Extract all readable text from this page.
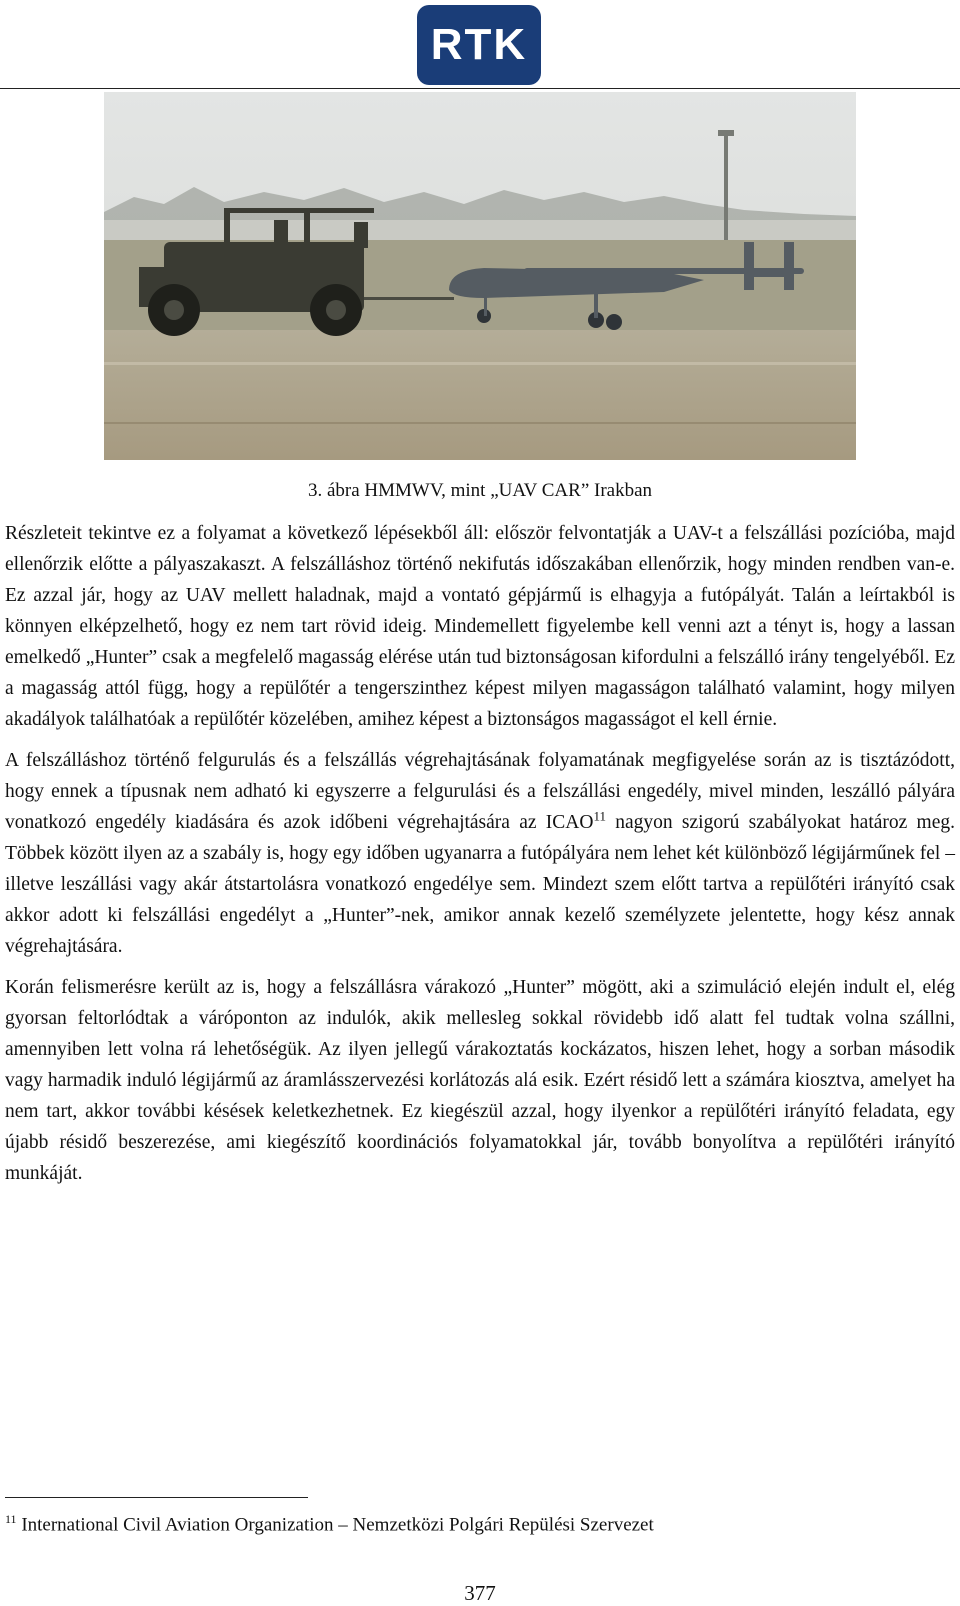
RTK
3. ábra HMMWV, mint „UAV CAR” Irakban

Részleteit tekintve ez a folyamat a következő lépésekből áll: először felvontatják a UAV-t a felszállási pozícióba, majd ellenőrzik előtte a pályaszakaszt. A felszálláshoz történő nekifutás időszakában ellenőrzik, hogy minden rendben van-e. Ez azzal jár, hogy az UAV mellett haladnak, majd a vontató gépjármű is elhagyja a futópályát. Talán a leírtakból is könnyen elképzelhető, hogy ez nem tart rövid ideig. Mindemellett figyelembe kell venni azt a tényt is, hogy a lassan emelkedő „Hunter” csak a megfelelő magasság elérése után tud biztonságosan kifordulni a felszálló irány tengelyéből. Ez a magasság attól függ, hogy a repülőtér a tengerszinthez képest milyen magasságon található valamint, hogy milyen akadályok találhatóak a repülőtér közelében, amihez képest a biztonságos magasságot el kell érnie.

A felszálláshoz történő felgurulás és a felszállás végrehajtásának folyamatának megfigyelése során az is tisztázódott, hogy ennek a típusnak nem adható ki egyszerre a felgurulási és a felszállási engedély, mivel minden, leszálló pályára vonatkozó engedély kiadására és azok időbeni végrehajtására az ICAO$^{11}$ nagyon szigorú szabályokat határoz meg. Többek között ilyen az a szabály is, hogy egy időben ugyanarra a futópályára nem lehet két különböző légijárműnek fel – illetve leszállási vagy akár átstartolásra vonatkozó engedélye sem. Mindezt szem előtt tartva a repülőtéri irányító csak akkor adott ki felszállási engedélyt a „Hunter”-nek, amikor annak kezelő személyzete jelentette, hogy kész annak végrehajtására.

Korán felismerésre került az is, hogy a felszállásra várakozó „Hunter” mögött, aki a szimuláció elején indult el, elég gyorsan feltorlódtak a váróponton az indulók, akik mellesleg sokkal rövidebb idő alatt fel tudtak volna szállni, amennyiben lett volna rá lehetőségük. Az ilyen jellegű várakoztatás kockázatos, hiszen lehet, hogy a sorban második vagy harmadik induló légijármű az áramlásszervezési korlátozás alá esik. Ezért résidő lett a számára kiosztva, amelyet ha nem tart, akkor további késések keletkezhetnek. Ez kiegészül azzal, hogy ilyenkor a repülőtéri irányító feladata, egy újabb résidő beszerezése, ami kiegészítő koordinációs folyamatokkal jár, tovább bonyolítva a repülőtéri irányító munkáját.

$^{11}$ International Civil Aviation Organization – Nemzetközi Polgári Repülési Szervezet
377
